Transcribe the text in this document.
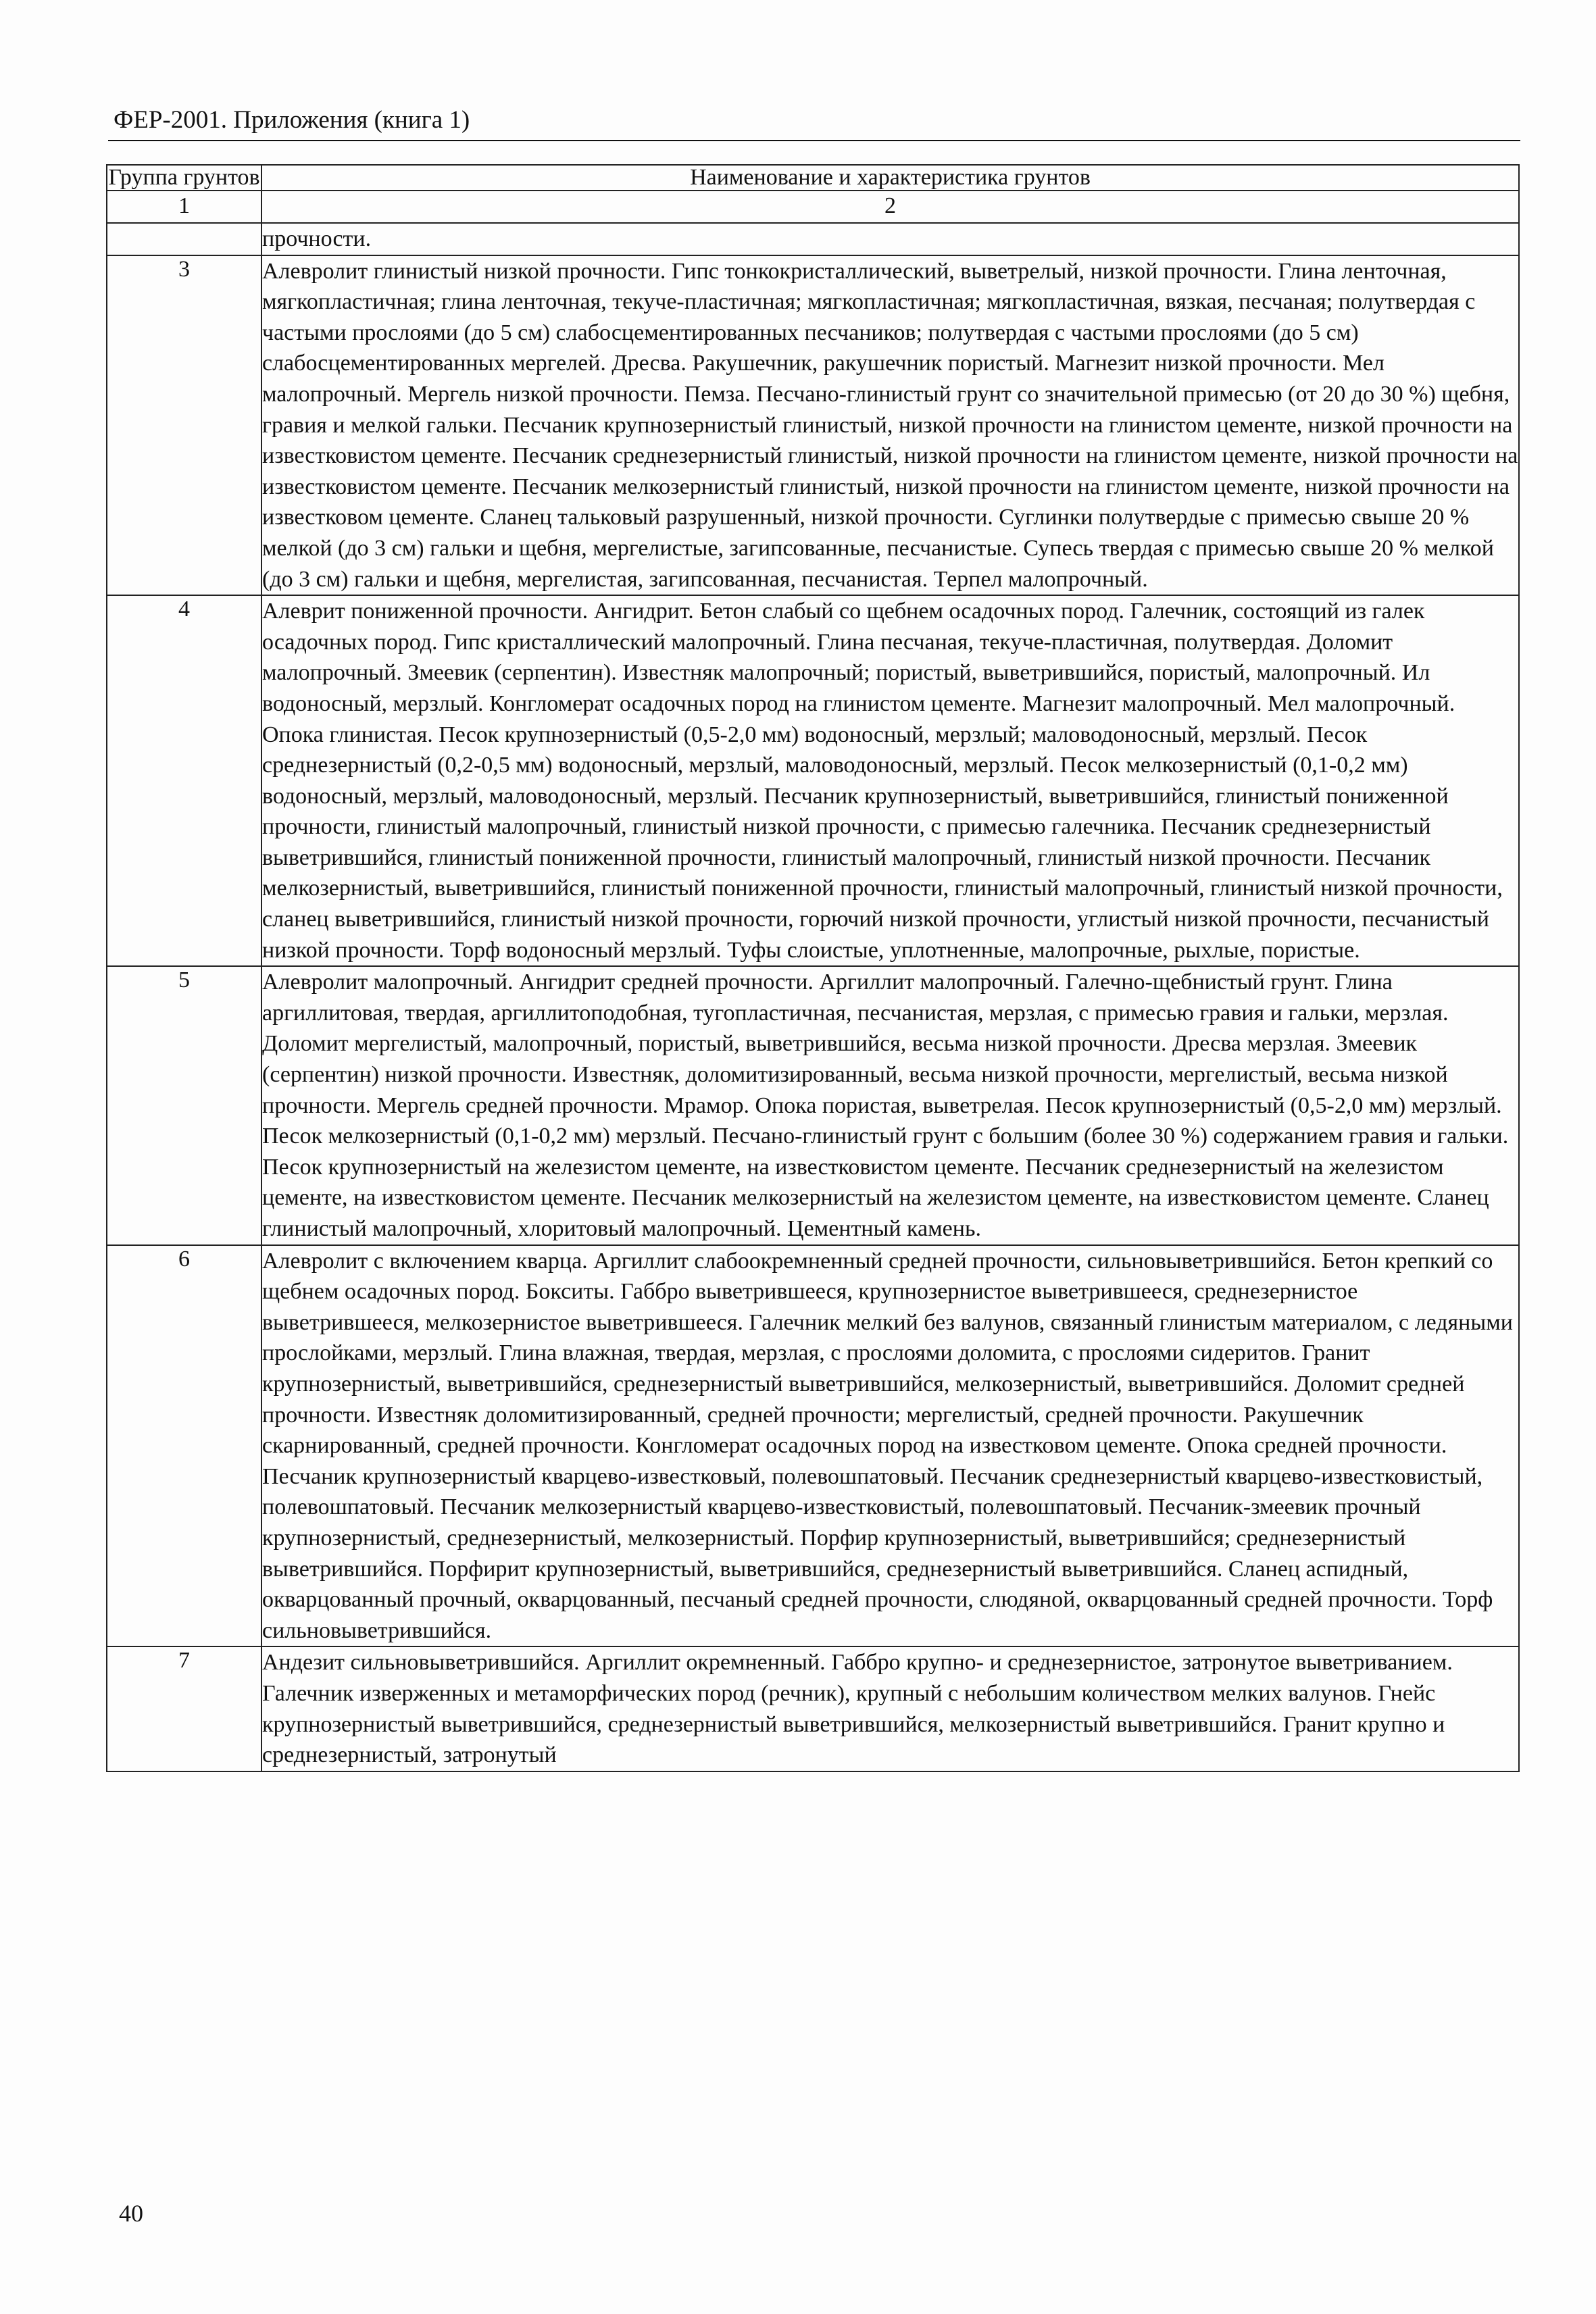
ФЕР-2001. Приложения (книга 1)
Группа грунтов	Наименование и характеристика грунтов
1	2
	прочности.
3	Алевролит глинистый низкой прочности. Гипс тонкокристаллический, выветрелый, низкой прочности. Глина ленточная, мягкопластичная; глина ленточная, текуче-пластичная; мягкопластичная; мягкопластичная, вязкая, песчаная; полутвердая с частыми прослоями (до 5 см) слабосцементированных песчаников; полутвердая с частыми прослоями (до 5 см) слабосцементированных мергелей. Дресва. Ракушечник, ракушечник пористый. Магнезит низкой прочности. Мел малопрочный. Мергель низкой прочности. Пемза. Песчано-глинистый грунт со значительной примесью (от 20 до 30 %) щебня, гравия и мелкой гальки. Песчаник крупнозернистый глинистый, низкой прочности на глинистом цементе, низкой прочности на известковистом цементе. Песчаник среднезернистый глинистый, низкой прочности на глинистом цементе, низкой прочности на известковистом цементе. Песчаник мелкозернистый глинистый, низкой прочности на глинистом цементе, низкой прочности на известковом цементе. Сланец тальковый разрушенный, низкой прочности. Суглинки полутвердые с примесью свыше 20 % мелкой (до 3 см) гальки и щебня, мергелистые, загипсованные, песчанистые. Супесь твердая с примесью свыше 20 % мелкой (до 3 см) гальки и щебня, мергелистая, загипсованная, песчанистая. Терпел малопрочный.
4	Алеврит пониженной прочности. Ангидрит. Бетон слабый со щебнем осадочных пород. Галечник, состоящий из галек осадочных пород. Гипс кристаллический малопрочный. Глина песчаная, текуче-пластичная, полутвердая. Доломит малопрочный. Змеевик (серпентин). Известняк малопрочный; пористый, выветрившийся, пористый, малопрочный. Ил водоносный, мерзлый. Конгломерат осадочных пород на глинистом цементе. Магнезит малопрочный. Мел малопрочный. Опока глинистая. Песок крупнозернистый (0,5-2,0 мм) водоносный, мерзлый; маловодоносный, мерзлый. Песок среднезернистый (0,2-0,5 мм) водоносный, мерзлый, маловодоносный, мерзлый. Песок мелкозернистый (0,1-0,2 мм) водоносный, мерзлый, маловодоносный, мерзлый. Песчаник крупнозернистый, выветрившийся, глинистый пониженной прочности, глинистый малопрочный, глинистый низкой прочности, с примесью галечника. Песчаник среднезернистый выветрившийся, глинистый пониженной прочности, глинистый малопрочный, глинистый низкой прочности. Песчаник мелкозернистый, выветрившийся, глинистый пониженной прочности, глинистый малопрочный, глинистый низкой прочности, сланец выветрившийся, глинистый низкой прочности, горючий низкой прочности, углистый низкой прочности, песчанистый низкой прочности. Торф водоносный мерзлый. Туфы слоистые, уплотненные, малопрочные, рыхлые, пористые.
5	Алевролит малопрочный. Ангидрит средней прочности. Аргиллит малопрочный. Галечно-щебнистый грунт. Глина аргиллитовая, твердая, аргиллитоподобная, тугопластичная, песчанистая, мерзлая, с примесью гравия и гальки, мерзлая. Доломит мергелистый, малопрочный, пористый, выветрившийся, весьма низкой прочности. Дресва мерзлая. Змеевик (серпентин) низкой прочности. Известняк, доломитизированный, весьма низкой прочности, мергелистый, весьма низкой прочности. Мергель средней прочности. Мрамор. Опока пористая, выветрелая. Песок крупнозернистый (0,5-2,0 мм) мерзлый. Песок мелкозернистый (0,1-0,2 мм) мерзлый. Песчано-глинистый грунт с большим (более 30 %) содержанием гравия и гальки. Песок крупнозернистый на железистом цементе, на известковистом цементе. Песчаник среднезернистый на железистом цементе, на известковистом цементе. Песчаник мелкозернистый на железистом цементе, на известковистом цементе. Сланец глинистый малопрочный, хлоритовый малопрочный. Цементный камень.
6	Алевролит с включением кварца. Аргиллит слабоокремненный средней прочности, сильновыветрившийся. Бетон крепкий со щебнем осадочных пород. Бокситы. Габбро выветрившееся, крупнозернистое выветрившееся, среднезернистое выветрившееся, мелкозернистое выветрившееся. Галечник мелкий без валунов, связанный глинистым материалом, с ледяными прослойками, мерзлый. Глина влажная, твердая, мерзлая, с прослоями доломита, с прослоями сидеритов. Гранит крупнозернистый, выветрившийся, среднезернистый выветрившийся, мелкозернистый, выветрившийся. Доломит средней прочности. Известняк доломитизированный, средней прочности; мергелистый, средней прочности. Ракушечник скарнированный, средней прочности. Конгломерат осадочных пород на известковом цементе. Опока средней прочности. Песчаник крупнозернистый кварцево-известковый, полевошпатовый. Песчаник среднезернистый кварцево-известковистый, полевошпатовый. Песчаник мелкозернистый кварцево-известковистый, полевошпатовый. Песчаник-змеевик прочный крупнозернистый, среднезернистый, мелкозернистый. Порфир крупнозернистый, выветрившийся; среднезернистый выветрившийся. Порфирит крупнозернистый, выветрившийся, среднезернистый выветрившийся. Сланец аспидный, окварцованный прочный, окварцованный, песчаный средней прочности, слюдяной, окварцованный средней прочности. Торф сильновыветрившийся.
7	Андезит сильновыветрившийся. Аргиллит окремненный. Габбро крупно- и среднезернистое, затронутое выветриванием. Галечник изверженных и метаморфических пород (речник), крупный с небольшим количеством мелких валунов. Гнейс крупнозернистый выветрившийся, среднезернистый выветрившийся, мелкозернистый выветрившийся. Гранит крупно и среднезернистый, затронутый
40
